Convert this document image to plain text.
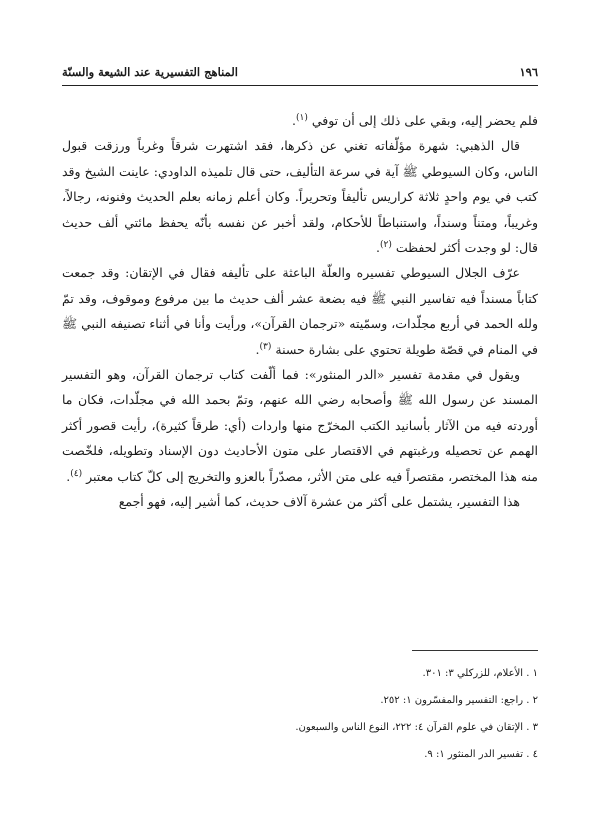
١٩٦
المناهج التفسيرية عند الشيعة والسنّة

فلم يحضر إليه، وبقي على ذلك إلى أن توفي $^{(١)}$.

قال الذهبي: شهرة مؤلّفاته تغني عن ذكرها، فقد اشتهرت شرقاً وغرباً ورزقت قبول الناس، وكان السيوطي ﷺ آية في سرعة التأليف، حتى قال تلميذه الداودي: عاينت الشيخ وقد كتب في يوم واحدٍ ثلاثة كراريس تأليفاً وتحريراً. وكان أعلم زمانه بعلم الحديث وفنونه، رجالاً، وغريباً، ومتناً وسنداً، واستنباطاً للأحكام، ولقد أخبر عن نفسه بأنّه يحفظ مائتي ألف حديث قال: لو وجدت أكثر لحفظت $^{(٢)}$.

عرّف الجلال السيوطي تفسيره والعلّة الباعثة على تأليفه فقال في الإتقان: وقد جمعت كتاباً مسنداً فيه تفاسير النبي ﷺ فيه بضعة عشر ألف حديث ما بين مرفوع وموقوف، وقد تمّ ولله الحمد في أربع مجلّدات، وسمّيته «ترجمان القرآن»، ورأيت وأنا في أثناء تصنيفه النبي ﷺ في المنام في قصّة طويلة تحتوي على بشارة حسنة $^{(٣)}$.

ويقول في مقدمة تفسير «الدر المنثور»: فما ألّفت كتاب ترجمان القرآن، وهو التفسير المسند عن رسول الله ﷺ وأصحابه رضي الله عنهم، وتمّ بحمد الله في مجلّدات، فكان ما أوردته فيه من الآثار بأسانيد الكتب المخرّج منها واردات (أي: طرقاً كثيرة)، رأيت قصور أكثر الهمم عن تحصيله ورغبتهم في الاقتصار على متون الأحاديث دون الإسناد وتطويله، فلخّصت منه هذا المختصر، مقتصراً فيه على متن الأثر، مصدّراً بالعزو والتخريج إلى كلّ كتاب معتبر $^{(٤)}$.

هذا التفسير، يشتمل على أكثر من عشرة آلاف حديث، كما أشير إليه، فهو أجمع

١ . الأعلام، للزركلي ٣: ٣٠١.
٢ . راجع: التفسير والمفسّرون ١: ٢٥٢.
٣ . الإتقان في علوم القرآن ٤: ٢٢٢، النوع الناس والسبعون.
٤ . تفسير الدر المنثور ١: ٩.
